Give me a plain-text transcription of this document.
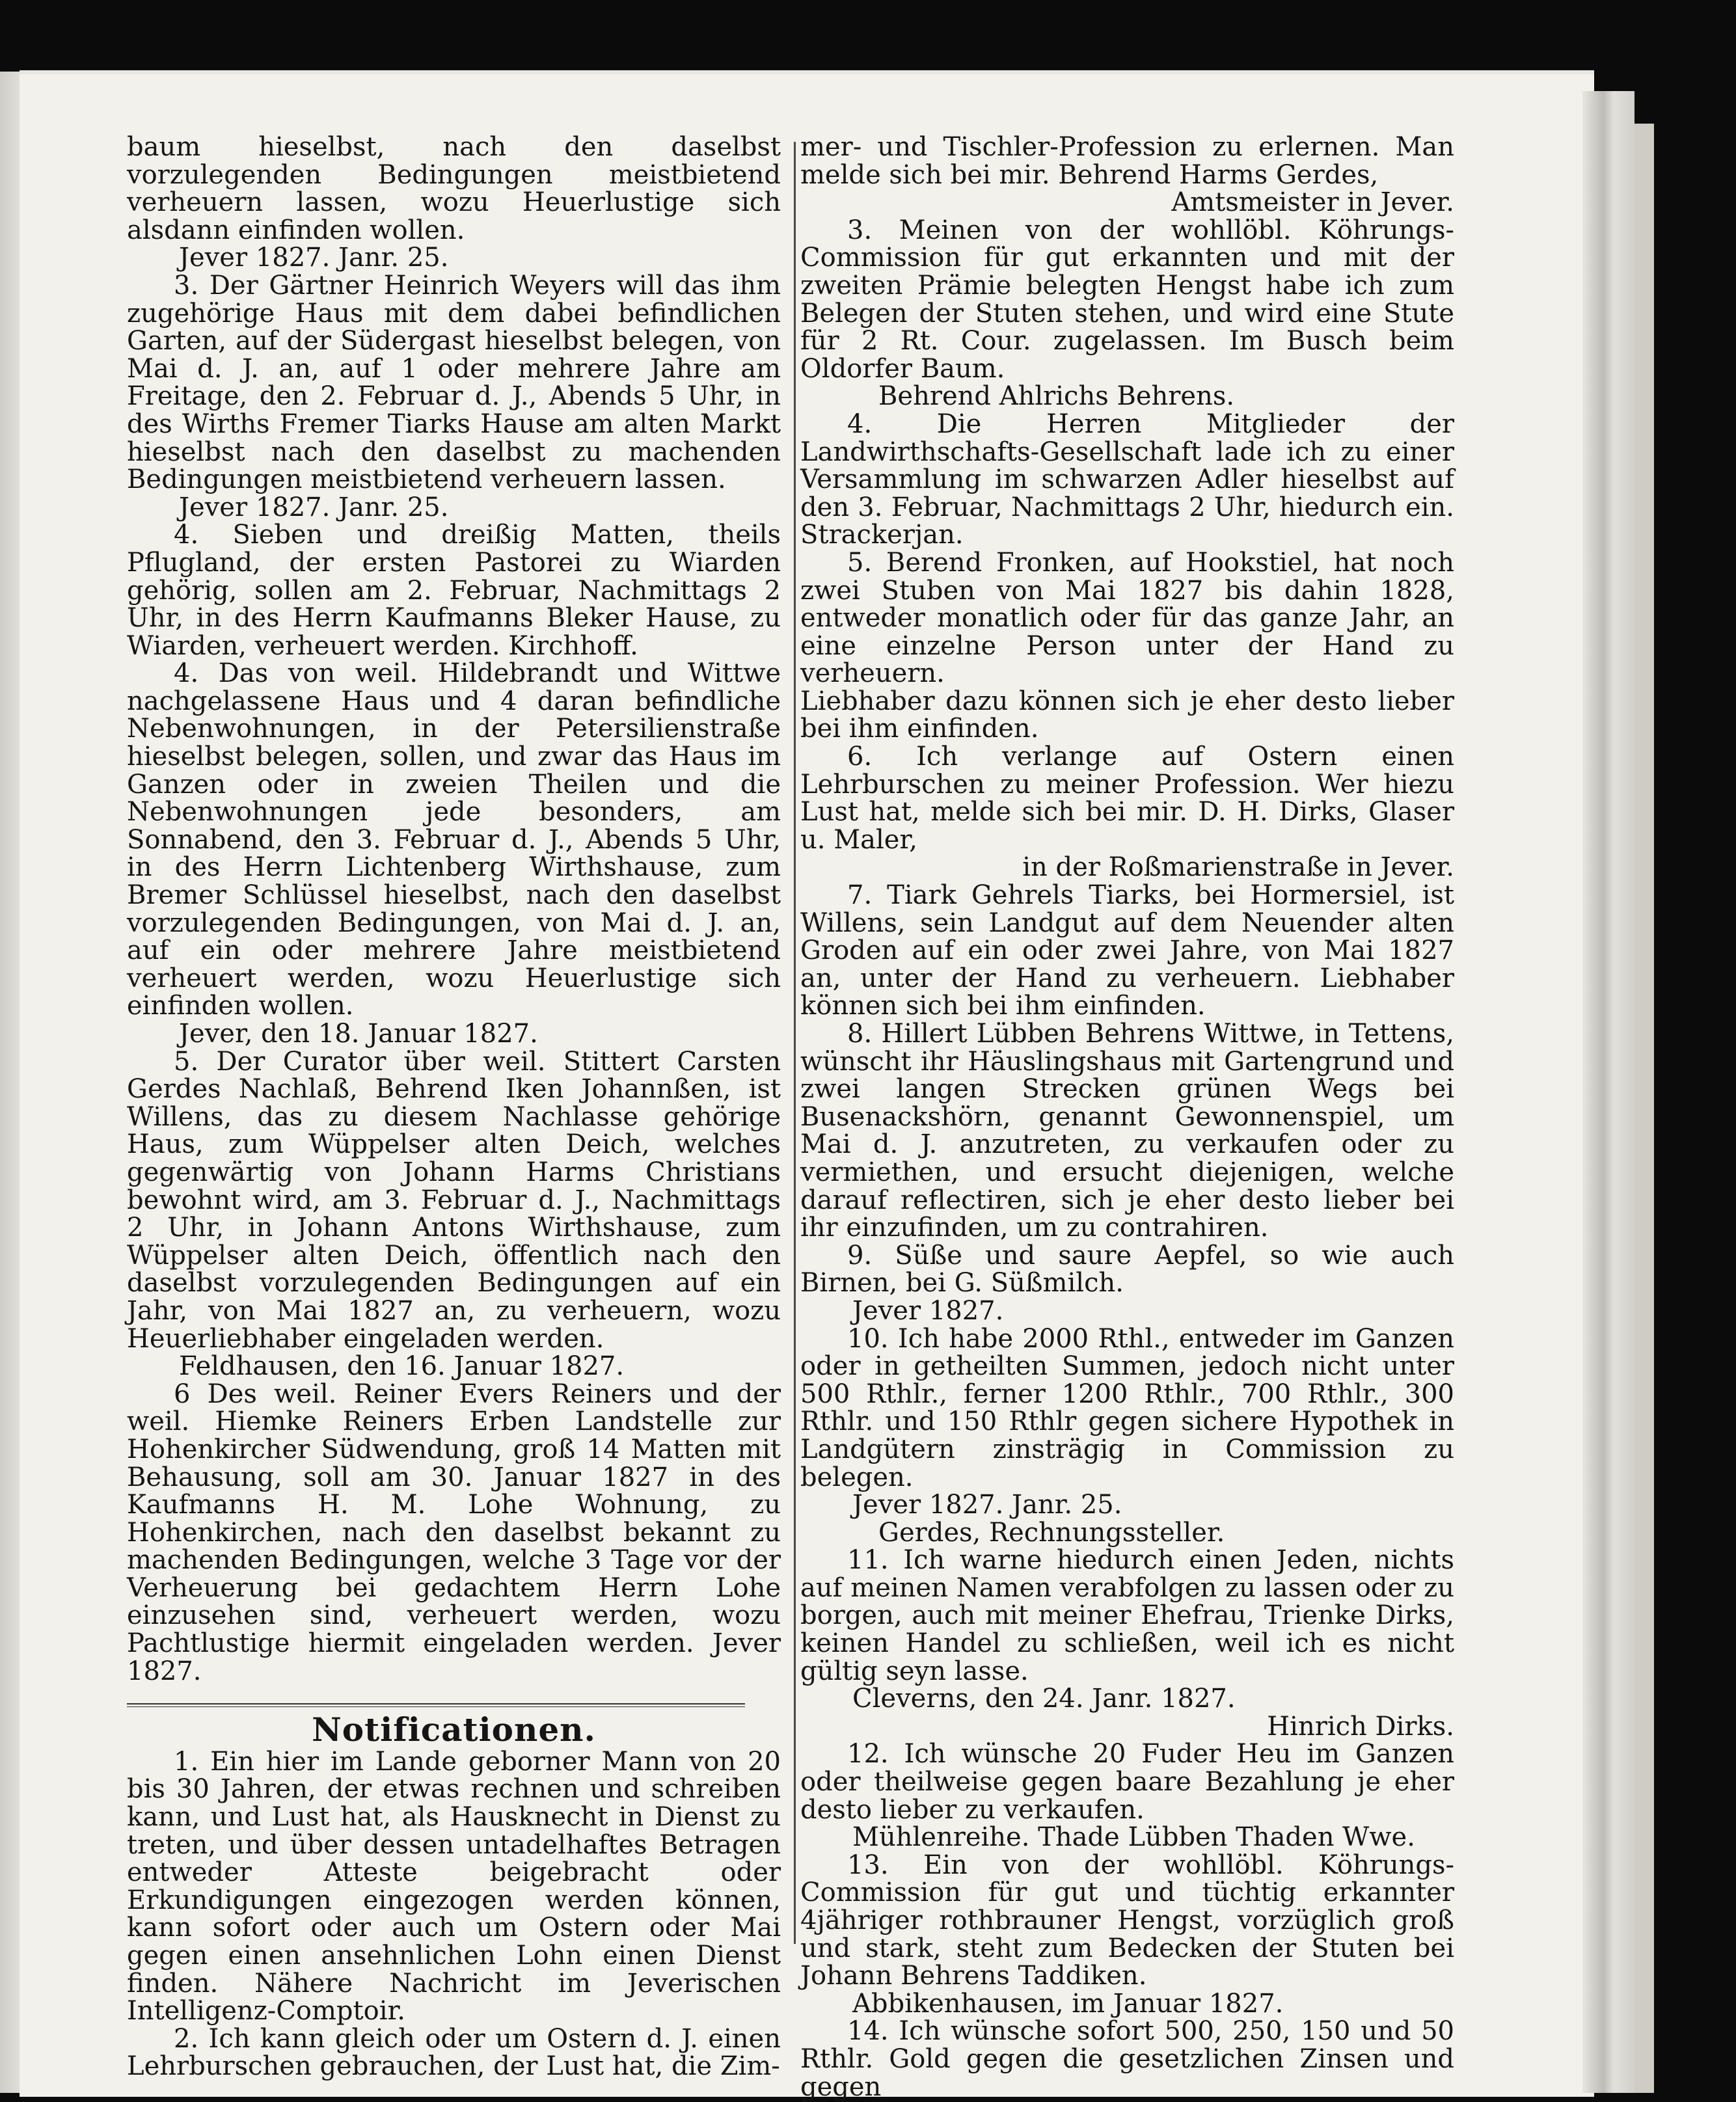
baum hieselbst, nach den daselbst vorzulegenden Bedingungen meistbietend verheuern lassen, wozu Heuerlustige sich alsdann einfinden wollen.

Jever 1827. Janr. 25.

3. Der Gärtner Heinrich Weyers will das ihm zugehörige Haus mit dem dabei befindlichen Garten, auf der Südergast hieselbst belegen, von Mai d. J. an, auf 1 oder mehrere Jahre am Freitage, den 2. Februar d. J., Abends 5 Uhr, in des Wirths Fremer Tiarks Hause am alten Markt hieselbst nach den daselbst zu machenden Bedingungen meistbietend verheuern lassen.

Jever 1827. Janr. 25.

4. Sieben und dreißig Matten, theils Pflugland, der ersten Pastorei zu Wiarden gehörig, sollen am 2. Februar, Nachmittags 2 Uhr, in des Herrn Kaufmanns Bleker Hause, zu Wiarden, verheuert werden. Kirchhoff.

4. Das von weil. Hildebrandt und Wittwe nachgelassene Haus und 4 daran befindliche Nebenwohnungen, in der Petersilienstraße hieselbst belegen, sollen, und zwar das Haus im Ganzen oder in zweien Theilen und die Nebenwohnungen jede besonders, am Sonnabend, den 3. Februar d. J., Abends 5 Uhr, in des Herrn Lichtenberg Wirthshause, zum Bremer Schlüssel hieselbst, nach den daselbst vorzulegenden Bedingungen, von Mai d. J. an, auf ein oder mehrere Jahre meistbietend verheuert werden, wozu Heuerlustige sich einfinden wollen.

Jever, den 18. Januar 1827.

5. Der Curator über weil. Stittert Carsten Gerdes Nachlaß, Behrend Iken Johannßen, ist Willens, das zu diesem Nachlasse gehörige Haus, zum Wüppelser alten Deich, welches gegenwärtig von Johann Harms Christians bewohnt wird, am 3. Februar d. J., Nachmittags 2 Uhr, in Johann Antons Wirthshause, zum Wüppelser alten Deich, öffentlich nach den daselbst vorzulegenden Bedingungen auf ein Jahr, von Mai 1827 an, zu verheuern, wozu Heuerliebhaber eingeladen werden.

Feldhausen, den 16. Januar 1827.

6 Des weil. Reiner Evers Reiners und der weil. Hiemke Reiners Erben Landstelle zur Hohenkircher Südwendung, groß 14 Matten mit Behausung, soll am 30. Januar 1827 in des Kaufmanns H. M. Lohe Wohnung, zu Hohenkirchen, nach den daselbst bekannt zu machenden Bedingungen, welche 3 Tage vor der Verheuerung bei gedachtem Herrn Lohe einzusehen sind, verheuert werden, wozu Pachtlustige hiermit eingeladen werden. Jever 1827.

Notificationen.

1. Ein hier im Lande geborner Mann von 20 bis 30 Jahren, der etwas rechnen und schreiben kann, und Lust hat, als Hausknecht in Dienst zu treten, und über dessen untadelhaftes Betragen entweder Atteste beigebracht oder Erkundigungen eingezogen werden können, kann sofort oder auch um Ostern oder Mai gegen einen ansehnlichen Lohn einen Dienst finden. Nähere Nachricht im Jeverischen Intelligenz-Comptoir.

2. Ich kann gleich oder um Ostern d. J. einen Lehrburschen gebrauchen, der Lust hat, die Zim-

mer- und Tischler-Profession zu erlernen. Man melde sich bei mir. Behrend Harms Gerdes,

Amtsmeister in Jever.

3. Meinen von der wohllöbl. Köhrungs-Commission für gut erkannten und mit der zweiten Prämie belegten Hengst habe ich zum Belegen der Stuten stehen, und wird eine Stute für 2 Rt. Cour. zugelassen. Im Busch beim Oldorfer Baum.

Behrend Ahlrichs Behrens.

4. Die Herren Mitglieder der Landwirthschafts-Gesellschaft lade ich zu einer Versammlung im schwarzen Adler hieselbst auf den 3. Februar, Nachmittags 2 Uhr, hiedurch ein. Strackerjan.

5. Berend Fronken, auf Hookstiel, hat noch zwei Stuben von Mai 1827 bis dahin 1828, entweder monatlich oder für das ganze Jahr, an eine einzelne Person unter der Hand zu verheuern.

Liebhaber dazu können sich je eher desto lieber bei ihm einfinden.

6. Ich verlange auf Ostern einen Lehrburschen zu meiner Profession. Wer hiezu Lust hat, melde sich bei mir. D. H. Dirks, Glaser u. Maler,

in der Roßmarienstraße in Jever.

7. Tiark Gehrels Tiarks, bei Hormersiel, ist Willens, sein Landgut auf dem Neuender alten Groden auf ein oder zwei Jahre, von Mai 1827 an, unter der Hand zu verheuern. Liebhaber können sich bei ihm einfinden.

8. Hillert Lübben Behrens Wittwe, in Tettens, wünscht ihr Häuslingshaus mit Gartengrund und zwei langen Strecken grünen Wegs bei Busenackshörn, genannt Gewonnenspiel, um Mai d. J. anzutreten, zu verkaufen oder zu vermiethen, und ersucht diejenigen, welche darauf reflectiren, sich je eher desto lieber bei ihr einzufinden, um zu contrahiren.

9. Süße und saure Aepfel, so wie auch Birnen, bei G. Süßmilch.

Jever 1827.

10. Ich habe 2000 Rthl., entweder im Ganzen oder in getheilten Summen, jedoch nicht unter 500 Rthlr., ferner 1200 Rthlr., 700 Rthlr., 300 Rthlr. und 150 Rthlr gegen sichere Hypothek in Landgütern zinsträgig in Commission zu belegen.

Jever 1827. Janr. 25.

Gerdes, Rechnungssteller.

11. Ich warne hiedurch einen Jeden, nichts auf meinen Namen verabfolgen zu lassen oder zu borgen, auch mit meiner Ehefrau, Trienke Dirks, keinen Handel zu schließen, weil ich es nicht gültig seyn lasse.

Cleverns, den 24. Janr. 1827.

Hinrich Dirks.

12. Ich wünsche 20 Fuder Heu im Ganzen oder theilweise gegen baare Bezahlung je eher desto lieber zu verkaufen.

Mühlenreihe. Thade Lübben Thaden Wwe.

13. Ein von der wohllöbl. Köhrungs-Commission für gut und tüchtig erkannter 4jähriger rothbrauner Hengst, vorzüglich groß und stark, steht zum Bedecken der Stuten bei Johann Behrens Taddiken.

Abbikenhausen, im Januar 1827.

14. Ich wünsche sofort 500, 250, 150 und 50 Rthlr. Gold gegen die gesetzlichen Zinsen und gegen
